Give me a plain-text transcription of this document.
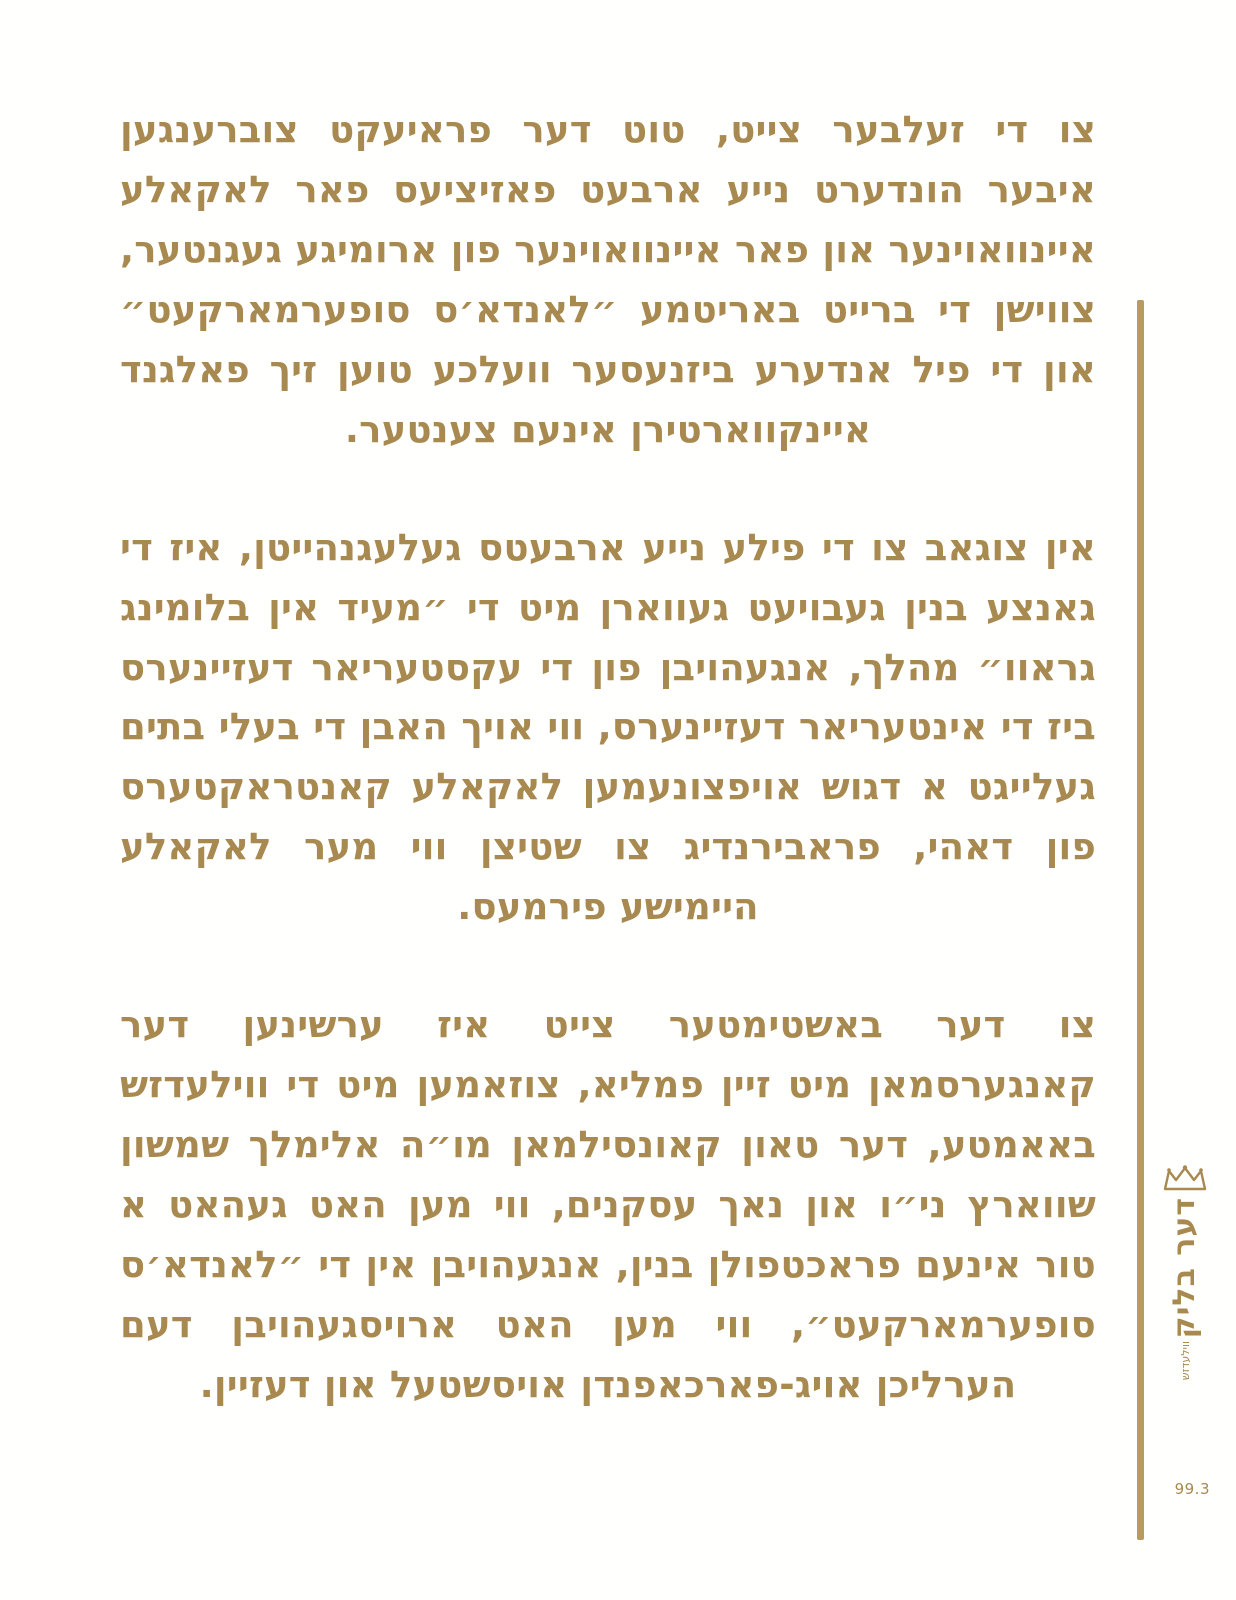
צו די זעלבער צייט, טוט דער פראיעקט צוברענגען איבער הונדערט נייע ארבעט פאזיציעס פאר לאקאלע איינוואוינער און פאר איינוואוינער פון ארומיגע געגנטער, צווישן די ברייט באריטמע ״לאנדא׳ס סופערמארקעט״ און די פיל אנדערע ביזנעסער וועלכע טוען זיך פאלגנד איינקווארטירן אינעם צענטער.

אין צוגאב צו די פילע נייע ארבעטס געלעגנהייטן, איז די גאנצע בנין געבויעט געווארן מיט די ״מעיד אין בלומינג גראוו״ מהלך, אנגעהויבן פון די עקסטעריאר דעזיינערס ביז די אינטעריאר דעזיינערס, ווי אויך האבן די בעלי בתים געלייגט א דגוש אויפצונעמען לאקאלע קאנטראקטערס פון דאהי, פראבירנדיג צו שטיצן ווי מער לאקאלע היימישע פירמעס.

צו דער באשטימטער צייט איז ערשינען דער קאנגערסמאן מיט זיין פמליא, צוזאמען מיט די ווילעדזש באאמטע, דער טאון קאונסילמאן מו״ה אלימלך שמשון שווארץ ני״ו און נאך עסקנים, ווי מען האט געהאט א טור אינעם פראכטפולן בנין, אנגעהויבן אין די ״לאנדא׳ס סופערמארקעט״, ווי מען האט ארויסגעהויבן דעם הערליכן אויג-פארכאפנדן אויסשטעל און דעזיין.

דער בליק
ווילעדזש
99.3
